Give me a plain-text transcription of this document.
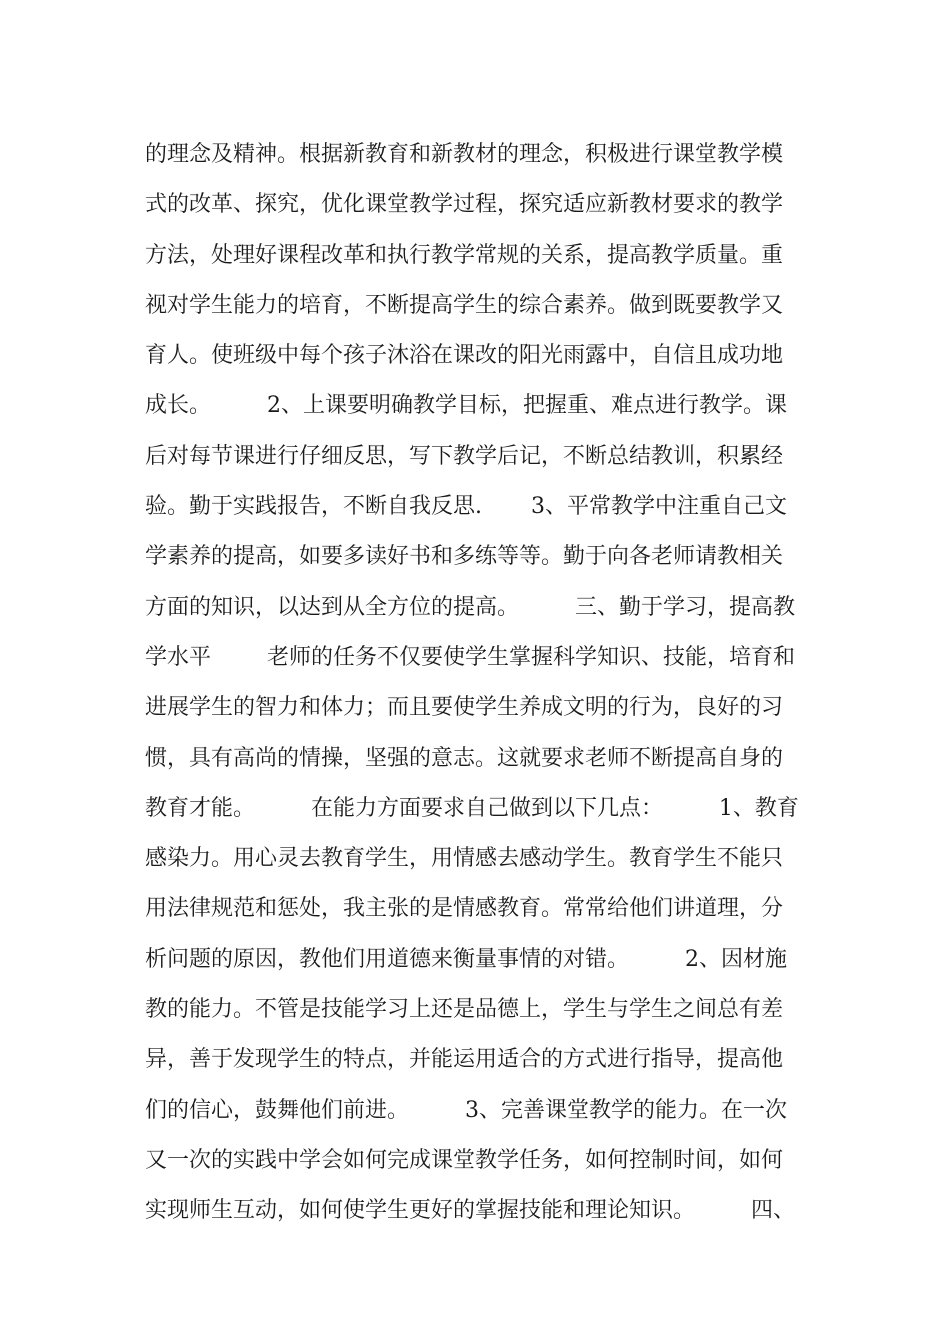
的理念及精神。根据新教育和新教材的理念，积极进行课堂教学模
式的改革、探究，优化课堂教学过程，探究适应新教材要求的教学
方法，处理好课程改革和执行教学常规的关系，提高教学质量。重
视对学生能力的培育，不断提高学生的综合素养。做到既要教学又
育人。使班级中每个孩子沐浴在课改的阳光雨露中，自信且成功地
成长。        2、上课要明确教学目标，把握重、难点进行教学。课
后对每节课进行仔细反思，写下教学后记，不断总结教训，积累经
验。勤于实践报告，不断自我反思.       3、平常教学中注重自己文
学素养的提高，如要多读好书和多练等等。勤于向各老师请教相关
方面的知识，以达到从全方位的提高。        三、勤于学习，提高教
学水平        老师的任务不仅要使学生掌握科学知识、技能，培育和
进展学生的智力和体力；而且要使学生养成文明的行为，良好的习
惯，具有高尚的情操，坚强的意志。这就要求老师不断提高自身的
教育才能。        在能力方面要求自己做到以下几点：        1、教育
感染力。用心灵去教育学生，用情感去感动学生。教育学生不能只
用法律规范和惩处，我主张的是情感教育。常常给他们讲道理，分
析问题的原因，教他们用道德来衡量事情的对错。        2、因材施
教的能力。不管是技能学习上还是品德上，学生与学生之间总有差
异，善于发现学生的特点，并能运用适合的方式进行指导，提高他
们的信心，鼓舞他们前进。        3、完善课堂教学的能力。在一次
又一次的实践中学会如何完成课堂教学任务，如何控制时间，如何
实现师生互动，如何使学生更好的掌握技能和理论知识。        四、
